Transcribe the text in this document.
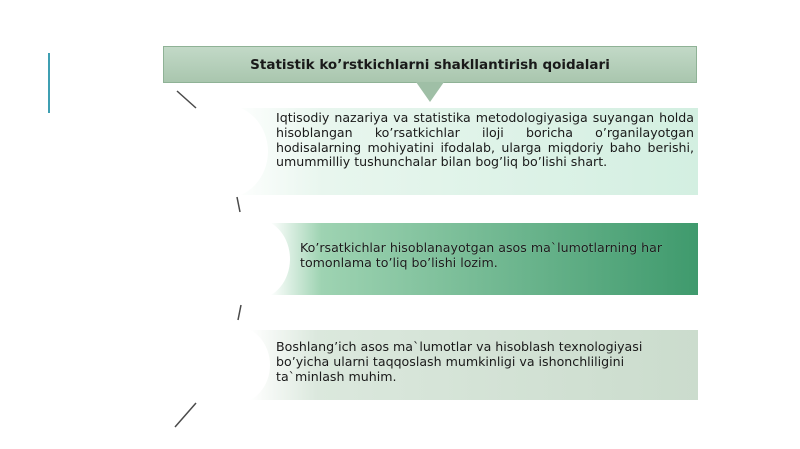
Statistik ko’rstkichlarni shakllantirish qoidalari
Iqtisodiy nazariya va statistika metodologiyasiga suyangan holda hisoblangan ko’rsatkichlar iloji boricha o’rganilayotgan hodisalarning mohiyatini ifodalab, ularga miqdoriy baho berishi, umummilliy tushunchalar bilan bog’liq bo’lishi shart.
Ko’rsatkichlar hisoblanayotgan asos ma`lumotlarning har tomonlama to’liq bo’lishi lozim.
Boshlang’ich asos ma`lumotlar va hisoblash texnologiyasi bo’yicha ularni taqqoslash mumkinligi va ishonchliligini ta`minlash muhim.
